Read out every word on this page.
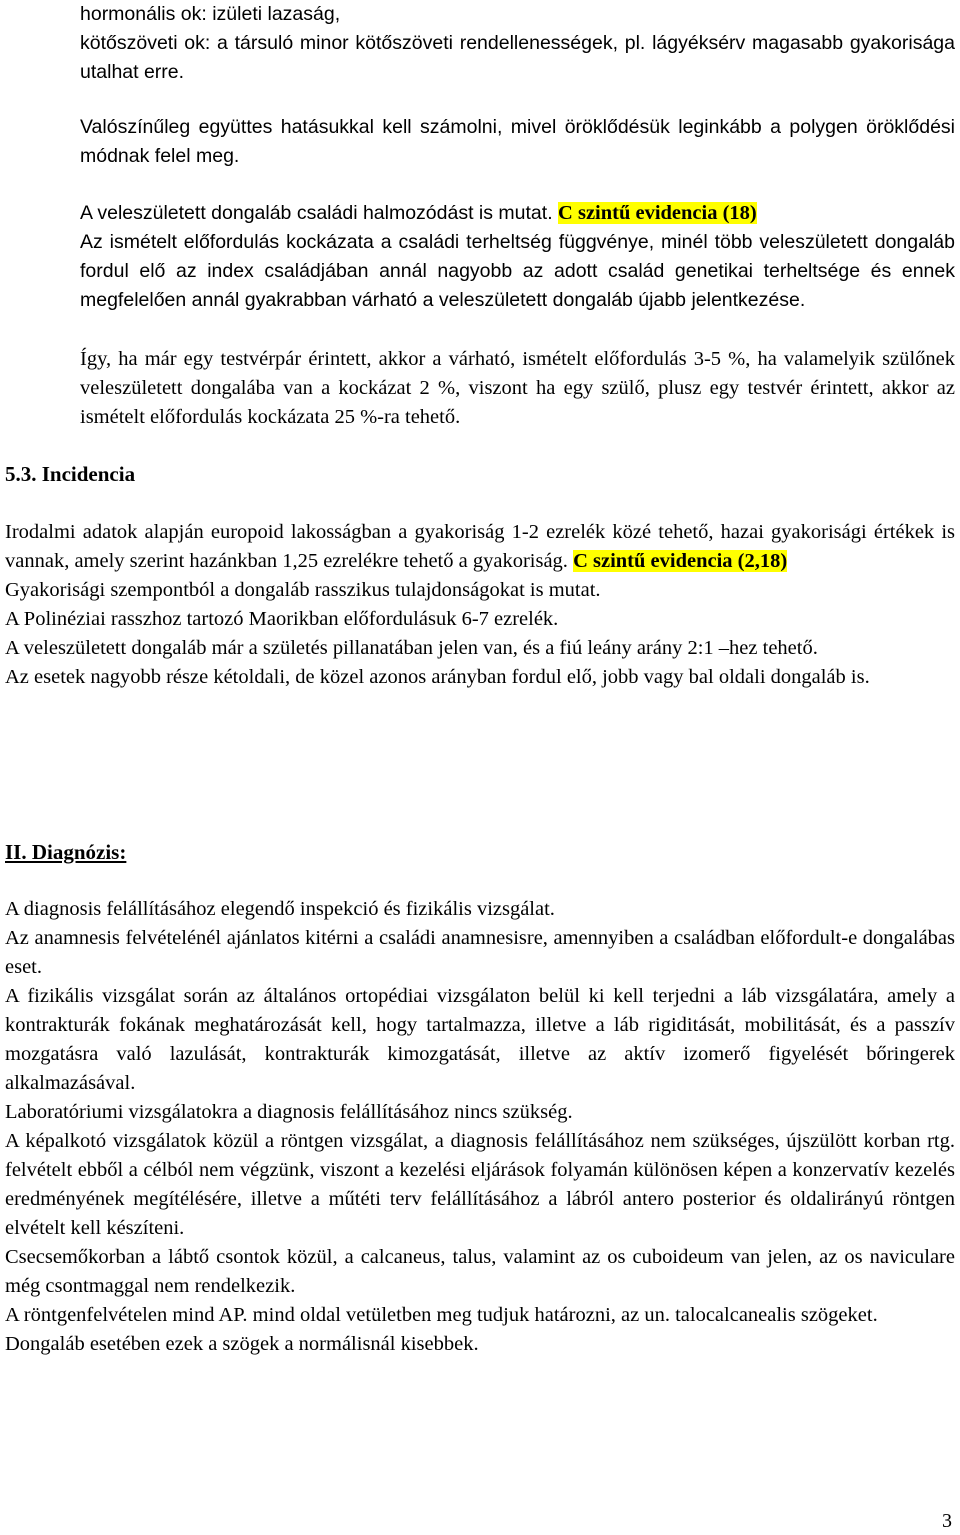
hormonális ok: izületi lazaság,

kötőszöveti ok: a társuló minor kötőszöveti rendellenességek, pl. lágyéksérv magasabb gyakorisága utalhat erre.

Valószínűleg együttes hatásukkal kell számolni, mivel öröklődésük leginkább a polygen öröklődési módnak felel meg.

A veleszületett dongaláb családi halmozódást is mutat. C szintű evidencia (18)

Az ismételt előfordulás kockázata a családi terheltség függvénye, minél több veleszületett dongaláb fordul elő az index családjában annál nagyobb az adott család genetikai terheltsége és ennek megfelelően annál gyakrabban várható a veleszületett dongaláb újabb jelentkezése.

Így, ha már egy testvérpár érintett, akkor a várható, ismételt előfordulás 3-5 %, ha valamelyik szülőnek veleszületett dongalába van a kockázat 2 %, viszont ha egy szülő, plusz egy testvér érintett, akkor az ismételt előfordulás kockázata 25 %-ra tehető.

5.3. Incidencia

Irodalmi adatok alapján europoid lakosságban a gyakoriság 1-2 ezrelék közé tehető, hazai gyakorisági értékek is vannak, amely szerint hazánkban 1,25 ezrelékre tehető a gyakoriság. C szintű evidencia (2,18)

Gyakorisági szempontból a dongaláb rasszikus tulajdonságokat is mutat.

A Polinéziai rasszhoz tartozó Maorikban előfordulásuk 6-7 ezrelék.

A veleszületett dongaláb már a születés pillanatában jelen van, és a fiú leány arány 2:1 –hez tehető.

Az esetek nagyobb része kétoldali, de közel azonos arányban fordul elő, jobb vagy bal oldali dongaláb is.

II. Diagnózis:

A diagnosis felállításához elegendő inspekció és fizikális vizsgálat.

Az anamnesis felvételénél ajánlatos kitérni a családi anamnesisre, amennyiben a családban előfordult-e dongalábas eset.

A fizikális vizsgálat során az általános ortopédiai vizsgálaton belül ki kell terjedni a láb vizsgálatára, amely a kontrakturák fokának meghatározását kell, hogy tartalmazza, illetve a láb rigiditását, mobilitását, és a passzív mozgatásra való lazulását, kontrakturák kimozgatását, illetve az aktív izomerő figyelését bőringerek alkalmazásával.

Laboratóriumi vizsgálatokra a diagnosis felállításához nincs szükség.

A képalkotó vizsgálatok közül a röntgen vizsgálat, a diagnosis felállításához nem szükséges, újszülött korban rtg. felvételt ebből a célból nem végzünk, viszont a kezelési eljárások folyamán különösen képen a konzervatív kezelés eredményének megítélésére, illetve a műtéti terv felállításához a lábról antero posterior és oldalirányú röntgen elvételt kell készíteni.

Csecsemőkorban a lábtő csontok közül, a calcaneus, talus, valamint az os cuboideum van jelen, az os naviculare még csontmaggal nem rendelkezik.

A röntgenfelvételen mind AP. mind oldal vetületben meg tudjuk határozni, az un. talocalcanealis szögeket.

Dongaláb esetében ezek a szögek a normálisnál kisebbek.

3
